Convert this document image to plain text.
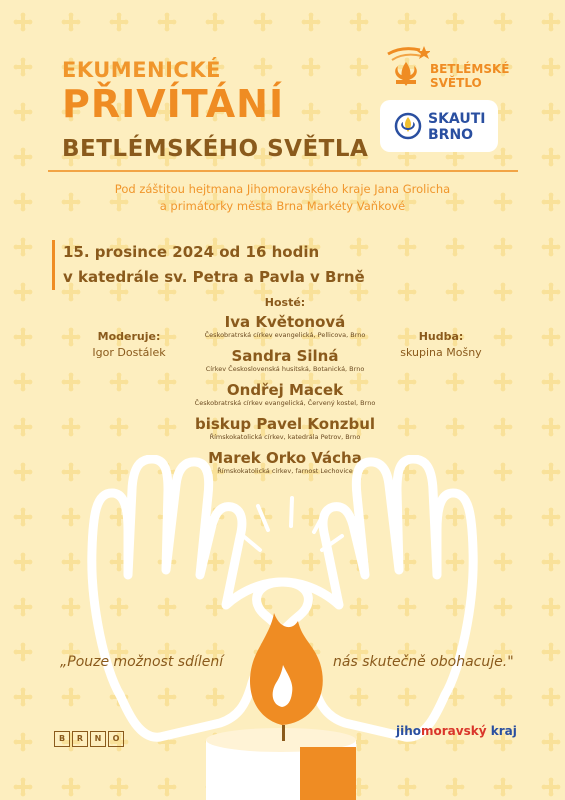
EKUMENICKÉ
PŘIVÍTÁNÍ
BETLÉMSKÉHO SVĚTLA
BETLÉMSKÉ
SVĚTLO
SKAUTI
BRNO
Pod záštitou hejtmana Jihomoravského kraje Jana Grolicha
a primátorky města Brna Markéty Vaňkové
15. prosince 2024 od 16 hodin
v katedrále sv. Petra a Pavla v Brně
Moderuje:
Igor Dostálek
Hudba:
skupina Mošny
Hosté:
Iva Květonová
Českobratrská církev evangelická, Pellicova, Brno
Sandra Silná
Církev Československá husitská, Botanická, Brno
Ondřej Macek
Českobratrská církev evangelická, Červený kostel, Brno
biskup Pavel Konzbul
Římskokatolická církev, katedrála Petrov, Brno
Marek Orko Vácha
Římskokatolická církev, farnost Lechovice
„Pouze možnost sdílení	nás skutečně obohacuje."
B R N O
jihomoravský kraj
